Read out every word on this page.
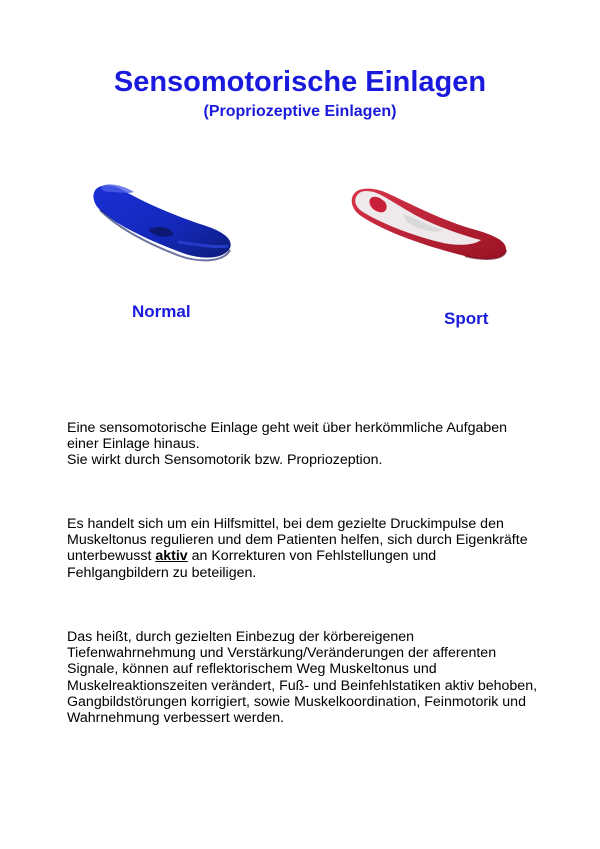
Sensomotorische Einlagen
(Propriozeptive Einlagen)
Normal	Sport

Eine sensomotorische Einlage geht weit über herkömmliche Aufgaben
einer Einlage hinaus.
Sie wirkt durch Sensomotorik bzw. Propriozeption.

Es handelt sich um ein Hilfsmittel, bei dem gezielte Druckimpulse den
Muskeltonus regulieren und dem Patienten helfen, sich durch Eigenkräfte
unterbewusst aktiv an Korrekturen von Fehlstellungen und
Fehlgangbildern zu beteiligen.

Das heißt, durch gezielten Einbezug der körbereigenen
Tiefenwahrnehmung und Verstärkung/Veränderungen der afferenten
Signale, können auf reflektorischem Weg Muskeltonus und
Muskelreaktionszeiten verändert, Fuß- und Beinfehlstatiken aktiv behoben,
Gangbildstörungen korrigiert, sowie Muskelkoordination, Feinmotorik und
Wahrnehmung verbessert werden.
